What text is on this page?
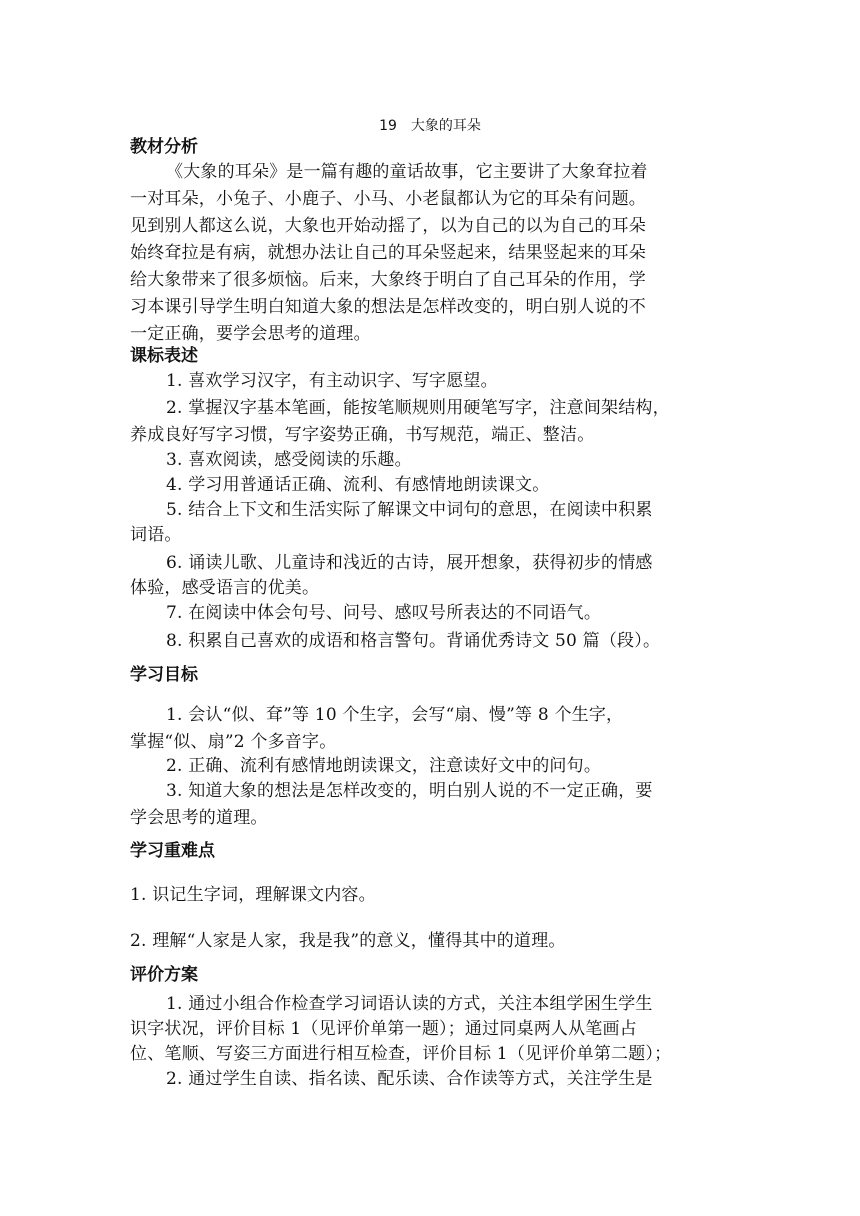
19　大象的耳朵
教材分析
《大象的耳朵》是一篇有趣的童话故事，它主要讲了大象耷拉着
一对耳朵，小兔子、小鹿子、小马、小老鼠都认为它的耳朵有问题。
见到别人都这么说，大象也开始动摇了，以为自己的以为自己的耳朵
始终耷拉是有病，就想办法让自己的耳朵竖起来，结果竖起来的耳朵
给大象带来了很多烦恼。后来，大象终于明白了自己耳朵的作用，学
习本课引导学生明白知道大象的想法是怎样改变的，明白别人说的不
一定正确，要学会思考的道理。
课标表述
1. 喜欢学习汉字，有主动识字、写字愿望。
2. 掌握汉字基本笔画，能按笔顺规则用硬笔写字，注意间架结构，
养成良好写字习惯，写字姿势正确，书写规范，端正、整洁。
3. 喜欢阅读，感受阅读的乐趣。
4. 学习用普通话正确、流利、有感情地朗读课文。
5. 结合上下文和生活实际了解课文中词句的意思，在阅读中积累
词语。
6. 诵读儿歌、儿童诗和浅近的古诗，展开想象，获得初步的情感
体验，感受语言的优美。
7. 在阅读中体会句号、问号、感叹号所表达的不同语气。
8. 积累自己喜欢的成语和格言警句。背诵优秀诗文 50 篇（段）。
学习目标
1. 会认“似、耷”等 10 个生字，会写“扇、慢”等 8 个生字，
掌握“似、扇”2 个多音字。
2. 正确、流利有感情地朗读课文，注意读好文中的问句。
3. 知道大象的想法是怎样改变的，明白别人说的不一定正确，要
学会思考的道理。
学习重难点
1. 识记生字词，理解课文内容。
2. 理解“人家是人家，我是我”的意义，懂得其中的道理。
评价方案
1. 通过小组合作检查学习词语认读的方式，关注本组学困生学生
识字状况，评价目标 1（见评价单第一题）；通过同桌两人从笔画占
位、笔顺、写姿三方面进行相互检查，评价目标 1（见评价单第二题）；
2. 通过学生自读、指名读、配乐读、合作读等方式，关注学生是
